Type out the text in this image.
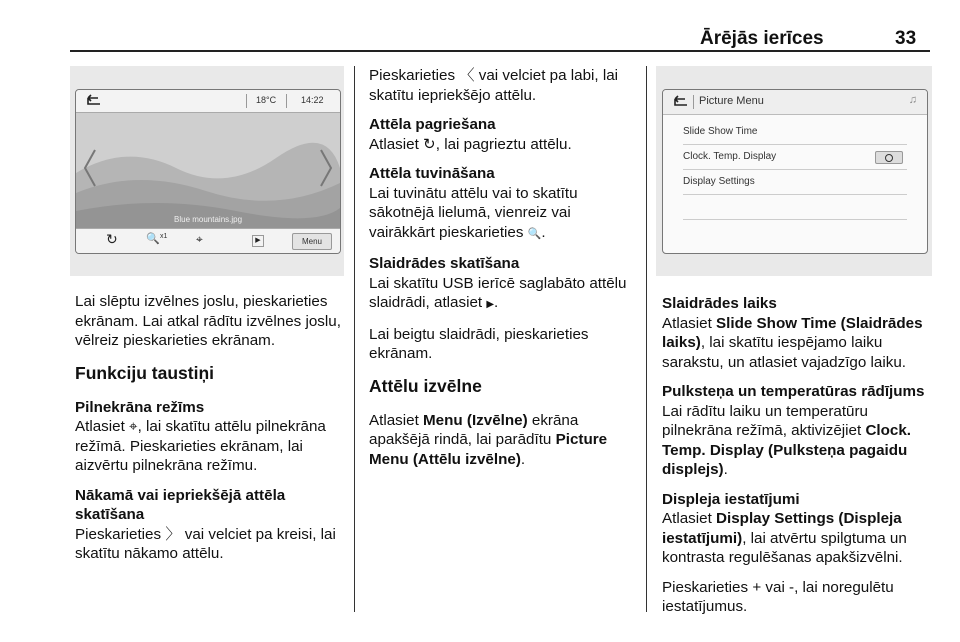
Ārējās ierīces	33
18°C	14:22
Blue mountains.jpg
↻	🔍 x1 ⌖	▶	Menu

Lai slēptu izvēlnes joslu, pieskarieties ekrānam. Lai atkal rādītu izvēlnes joslu, vēlreiz pieskarieties ekrānam.

Funkciju taustiņi
Pilnekrāna režīms

Atlasiet ⌖, lai skatītu attēlu pilnekrāna režīmā. Pieskarieties ekrānam, lai aizvērtu pilnekrāna režīmu.

Nākamā vai iepriekšējā attēla skatīšana

Pieskarieties 〉 vai velciet pa kreisi, lai skatītu nākamo attēlu.

Pieskarieties 〈 vai velciet pa labi, lai skatītu iepriekšējo attēlu.

Attēla pagriešana

Atlasiet ↻, lai pagrieztu attēlu.

Attēla tuvināšana

Lai tuvinātu attēlu vai to skatītu sākotnējā lielumā, vienreiz vai vairākkārt pieskarieties 🔍.

Slaidrādes skatīšana

Lai skatītu USB ierīcē saglabāto attēlu slaidrādi, atlasiet ▶.

Lai beigtu slaidrādi, pieskarieties ekrānam.

Attēlu izvēlne

Atlasiet Menu (Izvēlne) ekrāna apakšējā rindā, lai parādītu Picture Menu (Attēlu izvēlne).

Picture Menu	♫
Slide Show Time
Clock. Temp. Display
Display Settings
Slaidrādes laiks

Atlasiet Slide Show Time (Slaidrādes laiks), lai skatītu iespējamo laiku sarakstu, un atlasiet vajadzīgo laiku.

Pulksteņa un temperatūras rādījums

Lai rādītu laiku un temperatūru pilnekrāna režīmā, aktivizējiet Clock. Temp. Display (Pulksteņa pagaidu displejs).

Displeja iestatījumi

Atlasiet Display Settings (Displeja iestatījumi), lai atvērtu spilgtuma un kontrasta regulēšanas apakšizvēlni.

Pieskarieties + vai -, lai noregulētu iestatījumus.
